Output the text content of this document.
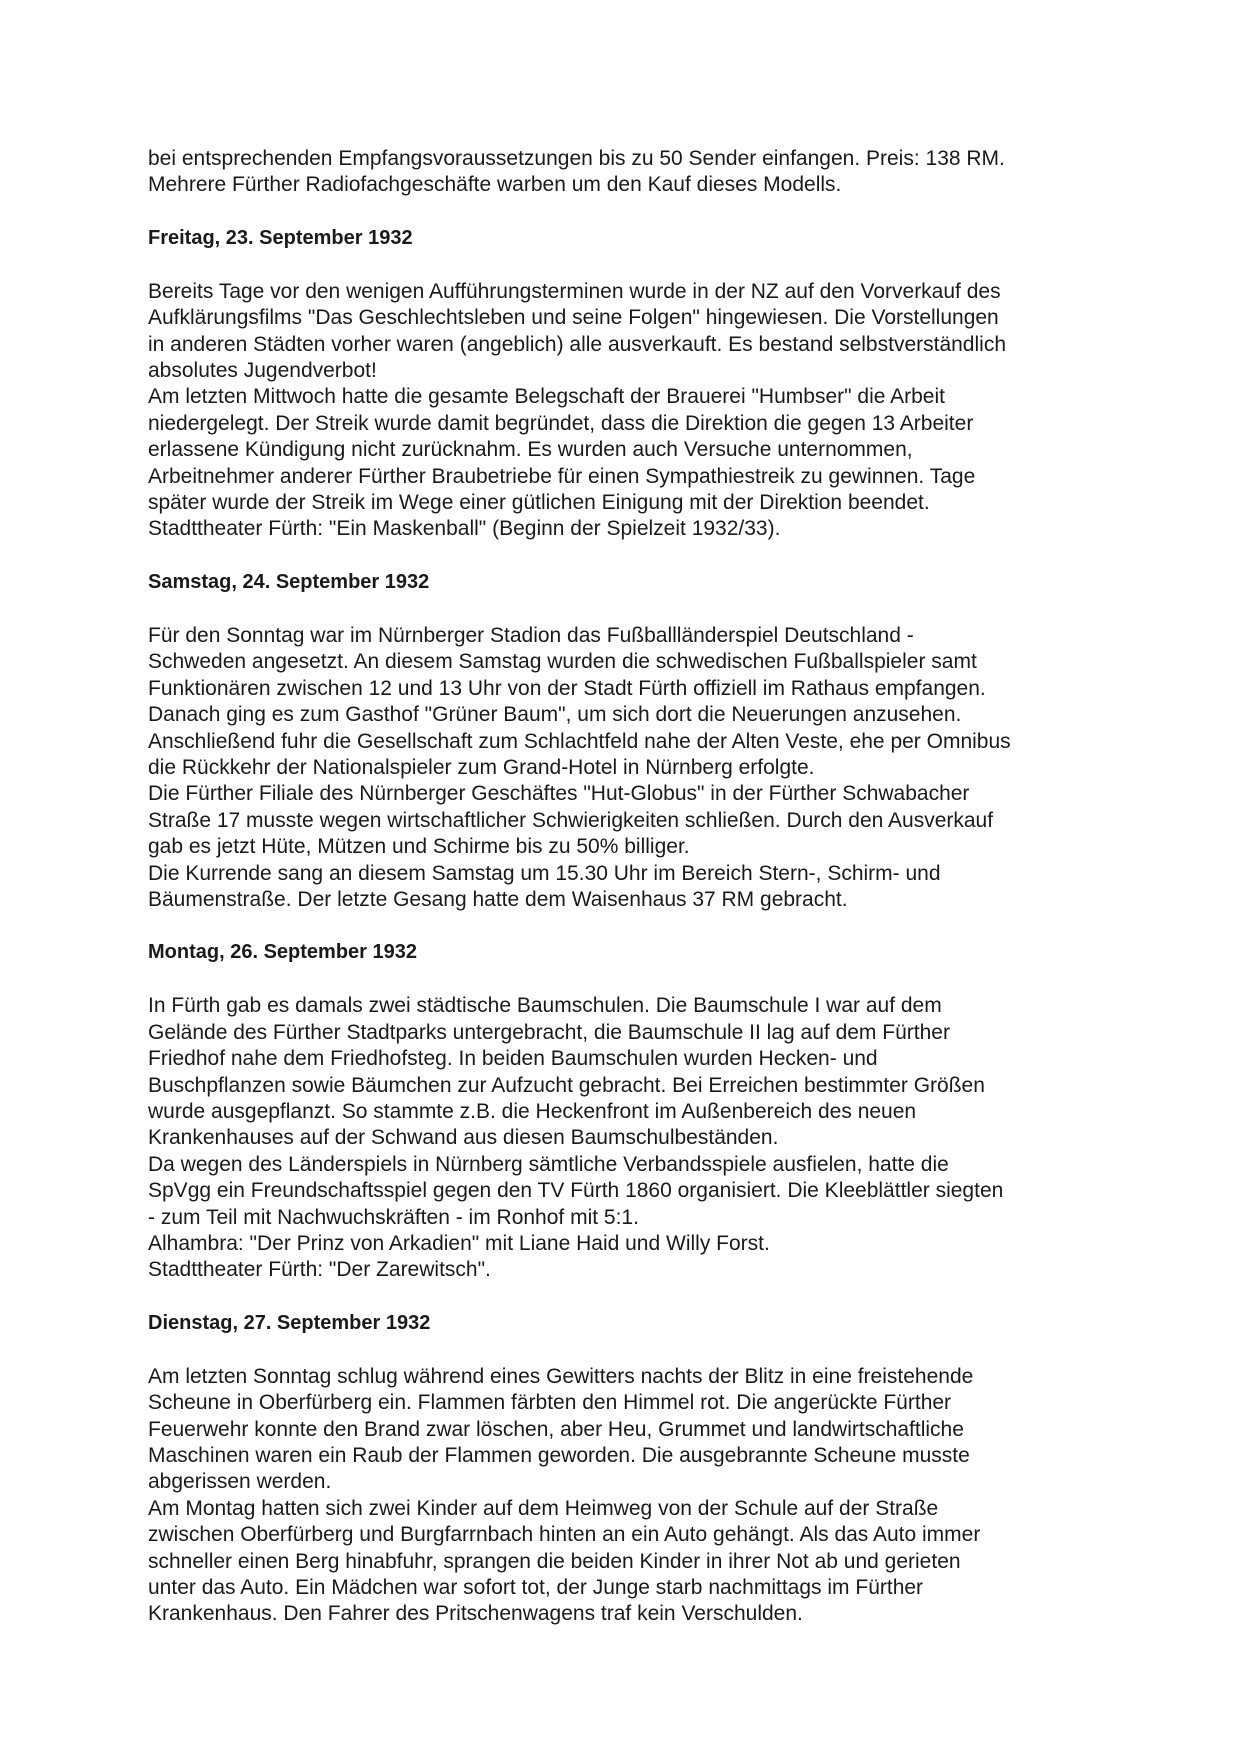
bei entsprechenden Empfangsvoraussetzungen bis zu 50 Sender einfangen. Preis: 138 RM.
Mehrere Fürther Radiofachgeschäfte warben um den Kauf dieses Modells.

Freitag, 23. September 1932

Bereits Tage vor den wenigen Aufführungsterminen wurde in der NZ auf den Vorverkauf des
Aufklärungsfilms "Das Geschlechtsleben und seine Folgen" hingewiesen. Die Vorstellungen
in anderen Städten vorher waren (angeblich) alle ausverkauft. Es bestand selbstverständlich
absolutes Jugendverbot!
Am letzten Mittwoch hatte die gesamte Belegschaft der Brauerei "Humbser" die Arbeit
niedergelegt. Der Streik wurde damit begründet, dass die Direktion die gegen 13 Arbeiter
erlassene Kündigung nicht zurücknahm. Es wurden auch Versuche unternommen,
Arbeitnehmer anderer Fürther Braubetriebe für einen Sympathiestreik zu gewinnen. Tage
später wurde der Streik im Wege einer gütlichen Einigung mit der Direktion beendet.
Stadttheater Fürth: "Ein Maskenball" (Beginn der Spielzeit 1932/33).

Samstag, 24. September 1932

Für den Sonntag war im Nürnberger Stadion das Fußballländerspiel Deutschland -
Schweden angesetzt. An diesem Samstag wurden die schwedischen Fußballspieler samt
Funktionären zwischen 12 und 13 Uhr von der Stadt Fürth offiziell im Rathaus empfangen.
Danach ging es zum Gasthof "Grüner Baum", um sich dort die Neuerungen anzusehen.
Anschließend fuhr die Gesellschaft zum Schlachtfeld nahe der Alten Veste, ehe per Omnibus
die Rückkehr der Nationalspieler zum Grand-Hotel in Nürnberg erfolgte.
Die Fürther Filiale des Nürnberger Geschäftes "Hut-Globus" in der Fürther Schwabacher
Straße 17 musste wegen wirtschaftlicher Schwierigkeiten schließen. Durch den Ausverkauf
gab es jetzt Hüte, Mützen und Schirme bis zu 50% billiger.
Die Kurrende sang an diesem Samstag um 15.30 Uhr im Bereich Stern-, Schirm- und
Bäumenstraße. Der letzte Gesang hatte dem Waisenhaus 37 RM gebracht.

Montag, 26. September 1932

In Fürth gab es damals zwei städtische Baumschulen. Die Baumschule I war auf dem
Gelände des Fürther Stadtparks untergebracht, die Baumschule II lag auf dem Fürther
Friedhof nahe dem Friedhofsteg. In beiden Baumschulen wurden Hecken- und
Buschpflanzen sowie Bäumchen zur Aufzucht gebracht. Bei Erreichen bestimmter Größen
wurde ausgepflanzt. So stammte z.B. die Heckenfront im Außenbereich des neuen
Krankenhauses auf der Schwand aus diesen Baumschulbeständen.
Da wegen des Länderspiels in Nürnberg sämtliche Verbandsspiele ausfielen, hatte die
SpVgg ein Freundschaftsspiel gegen den TV Fürth 1860 organisiert. Die Kleeblättler siegten
- zum Teil mit Nachwuchskräften - im Ronhof mit 5:1.
Alhambra: "Der Prinz von Arkadien" mit Liane Haid und Willy Forst.
Stadttheater Fürth: "Der Zarewitsch".

Dienstag, 27. September 1932

Am letzten Sonntag schlug während eines Gewitters nachts der Blitz in eine freistehende
Scheune in Oberfürberg ein. Flammen färbten den Himmel rot. Die angerückte Fürther
Feuerwehr konnte den Brand zwar löschen, aber Heu, Grummet und landwirtschaftliche
Maschinen waren ein Raub der Flammen geworden. Die ausgebrannte Scheune musste
abgerissen werden.
Am Montag hatten sich zwei Kinder auf dem Heimweg von der Schule auf der Straße
zwischen Oberfürberg und Burgfarrnbach hinten an ein Auto gehängt. Als das Auto immer
schneller einen Berg hinabfuhr, sprangen die beiden Kinder in ihrer Not ab und gerieten
unter das Auto. Ein Mädchen war sofort tot, der Junge starb nachmittags im Fürther
Krankenhaus. Den Fahrer des Pritschenwagens traf kein Verschulden.
